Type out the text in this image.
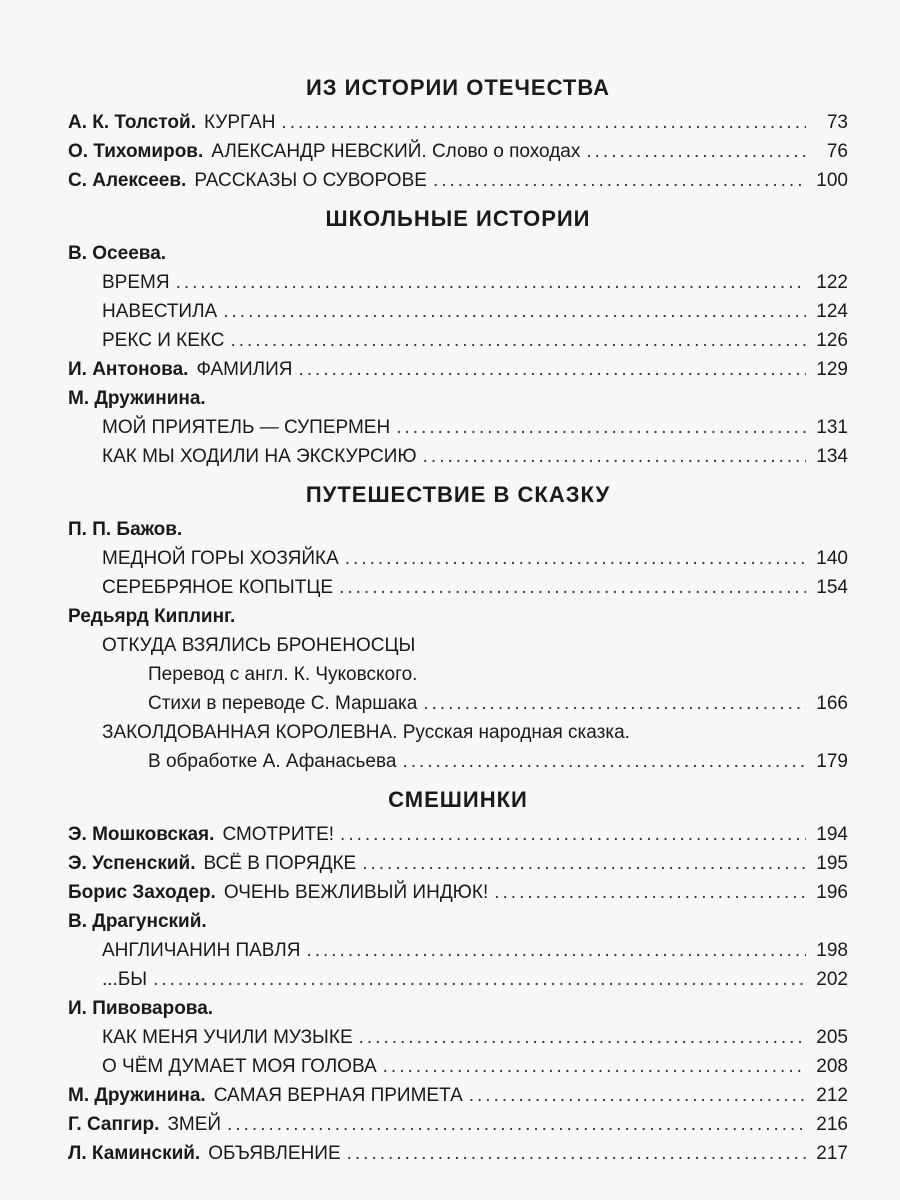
ИЗ ИСТОРИИ ОТЕЧЕСТВА
А. К. Толстой. КУРГАН .....	73
О. Тихомиров. АЛЕКСАНДР НЕВСКИЙ. Слово о походах .....	76
С. Алексеев. РАССКАЗЫ О СУВОРОВЕ .....	100
ШКОЛЬНЫЕ ИСТОРИИ
В. Осеева.
ВРЕМЯ .....	122
НАВЕСТИЛА .....	124
РЕКС И КЕКС .....	126
И. Антонова. ФАМИЛИЯ .....	129
М. Дружинина.
МОЙ ПРИЯТЕЛЬ — СУПЕРМЕН .....	131
КАК МЫ ХОДИЛИ НА ЭКСКУРСИЮ .....	134
ПУТЕШЕСТВИЕ В СКАЗКУ
П. П. Бажов.
МЕДНОЙ ГОРЫ ХОЗЯЙКА .....	140
СЕРЕБРЯНОЕ КОПЫТЦЕ .....	154
Редьярд Киплинг.
ОТКУДА ВЗЯЛИСЬ БРОНЕНОСЦЫ
Перевод с англ. К. Чуковского.
Стихи в переводе С. Маршака .....	166
ЗАКОЛДОВАННАЯ КОРОЛЕВНА. Русская народная сказка.
В обработке А. Афанасьева .....	179
СМЕШИНКИ
Э. Мошковская. СМОТРИТЕ! .....	194
Э. Успенский. ВСЁ В ПОРЯДКЕ .....	195
Борис Заходер. ОЧЕНЬ ВЕЖЛИВЫЙ ИНДЮК! .....	196
В. Драгунский.
АНГЛИЧАНИН ПАВЛЯ .....	198
...БЫ .....	202
И. Пивоварова.
КАК МЕНЯ УЧИЛИ МУЗЫКЕ .....	205
О ЧЁМ ДУМАЕТ МОЯ ГОЛОВА .....	208
М. Дружинина. САМАЯ ВЕРНАЯ ПРИМЕТА .....	212
Г. Сапгир. ЗМЕЙ .....	216
Л. Каминский. ОБЪЯВЛЕНИЕ .....	217
